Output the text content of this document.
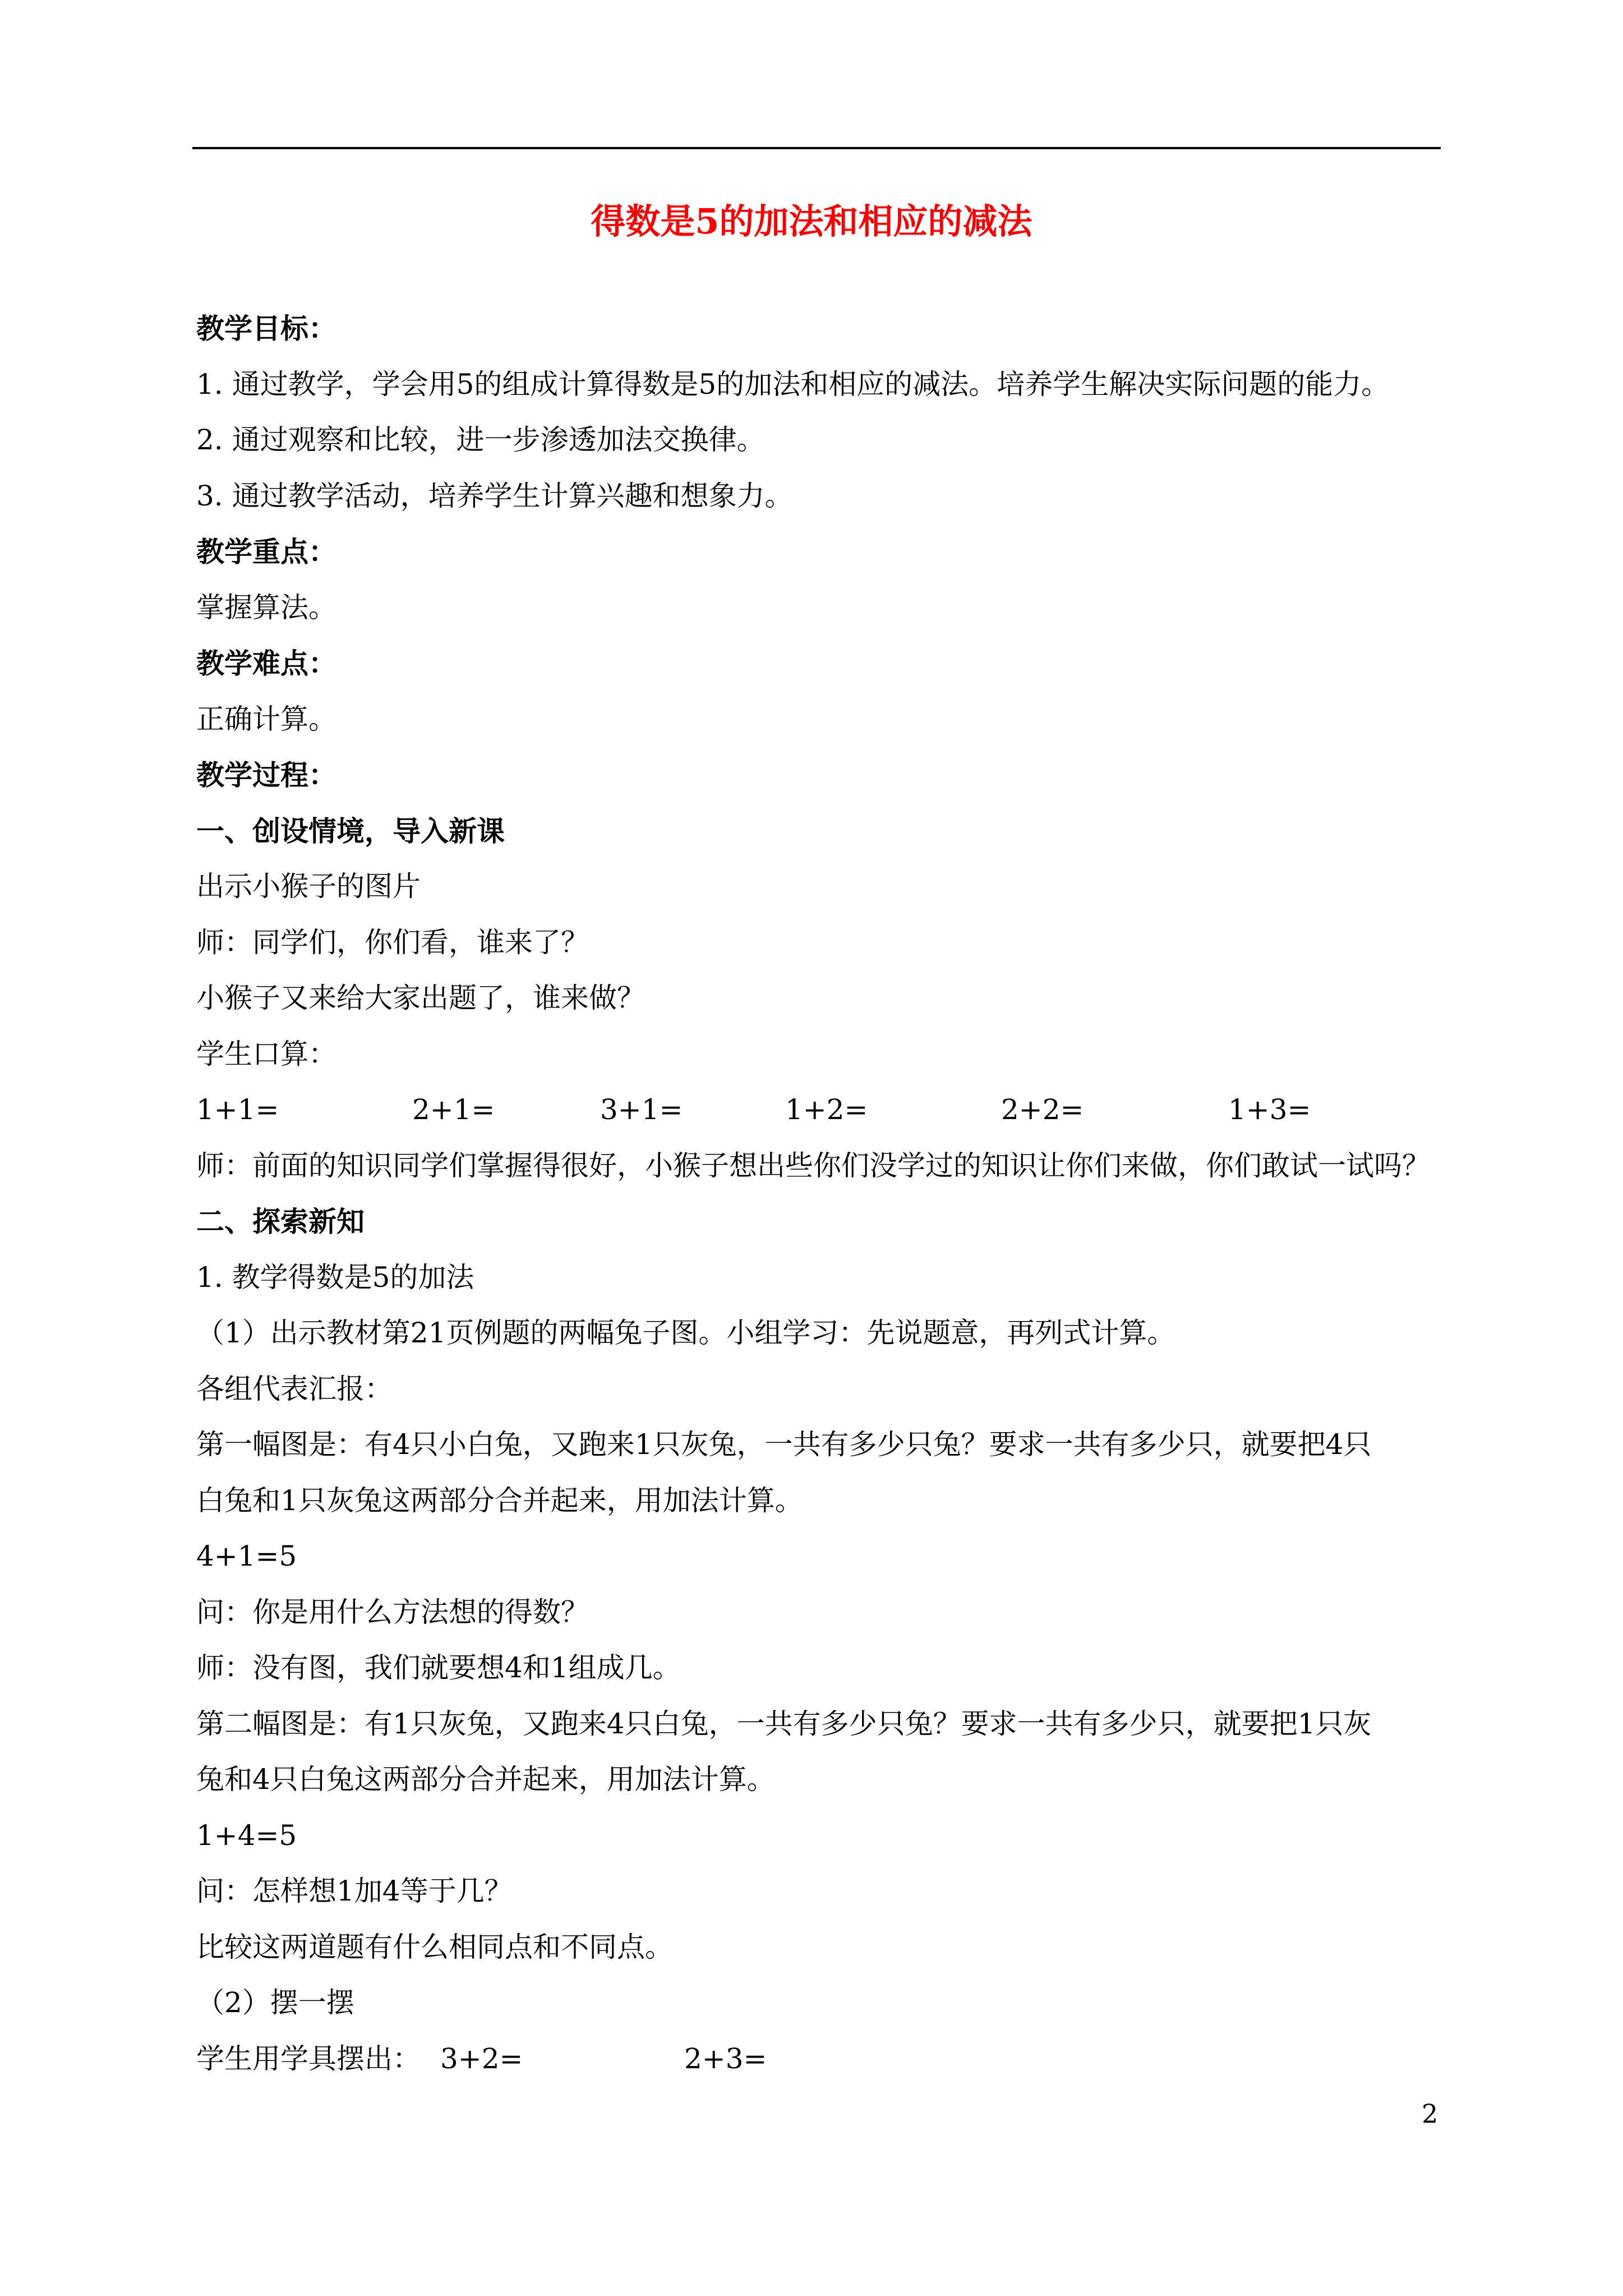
得数是5的加法和相应的减法
教学目标：
1. 通过教学，学会用5的组成计算得数是5的加法和相应的减法。培养学生解决实际问题的能力。
2. 通过观察和比较，进一步渗透加法交换律。
3. 通过教学活动，培养学生计算兴趣和想象力。
教学重点：
掌握算法。
教学难点：
正确计算。
教学过程：
一、创设情境，导入新课
出示小猴子的图片
师：同学们，你们看，谁来了？
小猴子又来给大家出题了，谁来做？
学生口算：
1+1=	2+1=	3+1=	1+2=	2+2=	1+3=
师：前面的知识同学们掌握得很好，小猴子想出些你们没学过的知识让你们来做，你们敢试一试吗？
二、探索新知
1. 教学得数是5的加法
（1）出示教材第21页例题的两幅兔子图。小组学习：先说题意，再列式计算。
各组代表汇报：
第一幅图是：有4只小白兔，又跑来1只灰兔，一共有多少只兔？要求一共有多少只，就要把4只
白兔和1只灰兔这两部分合并起来，用加法计算。
4+1=5
问：你是用什么方法想的得数？
师：没有图，我们就要想4和1组成几。
第二幅图是：有1只灰兔，又跑来4只白兔，一共有多少只兔？要求一共有多少只，就要把1只灰
兔和4只白兔这两部分合并起来，用加法计算。
1+4=5
问：怎样想1加4等于几？
比较这两道题有什么相同点和不同点。
（2）摆一摆
学生用学具摆出： 3+2=	2+3=
2
